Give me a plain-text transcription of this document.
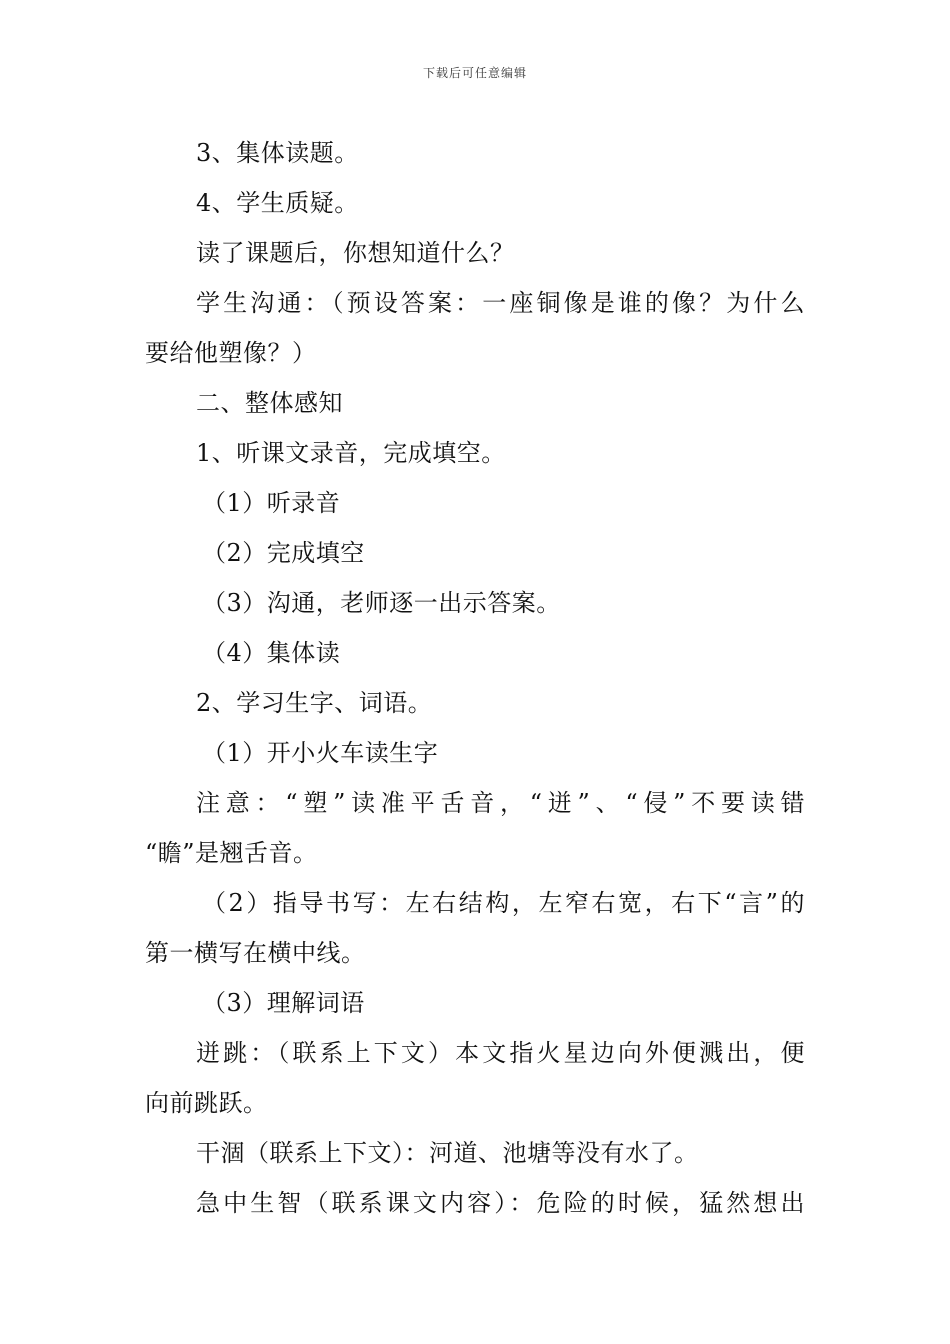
下载后可任意编辑
3、集体读题。
4、学生质疑。
读了课题后，你想知道什么？
学生沟通：（预设答案：一座铜像是谁的像？为什么
要给他塑像？）
二、整体感知
1、听课文录音，完成填空。
（1）听录音
（2）完成填空
（3）沟通，老师逐一出示答案。
（4）集体读
2、学习生字、词语。
（1）开小火车读生字
注意：“塑”读准平舌音，“迸”、“侵”不要读错
“瞻”是翘舌音。
（2）指导书写：左右结构，左窄右宽，右下“言”的
第一横写在横中线。
（3）理解词语
迸跳：（联系上下文）本文指火星边向外便溅出，便
向前跳跃。
干涸（联系上下文）：河道、池塘等没有水了。
急中生智（联系课文内容）：危险的时候，猛然想出
